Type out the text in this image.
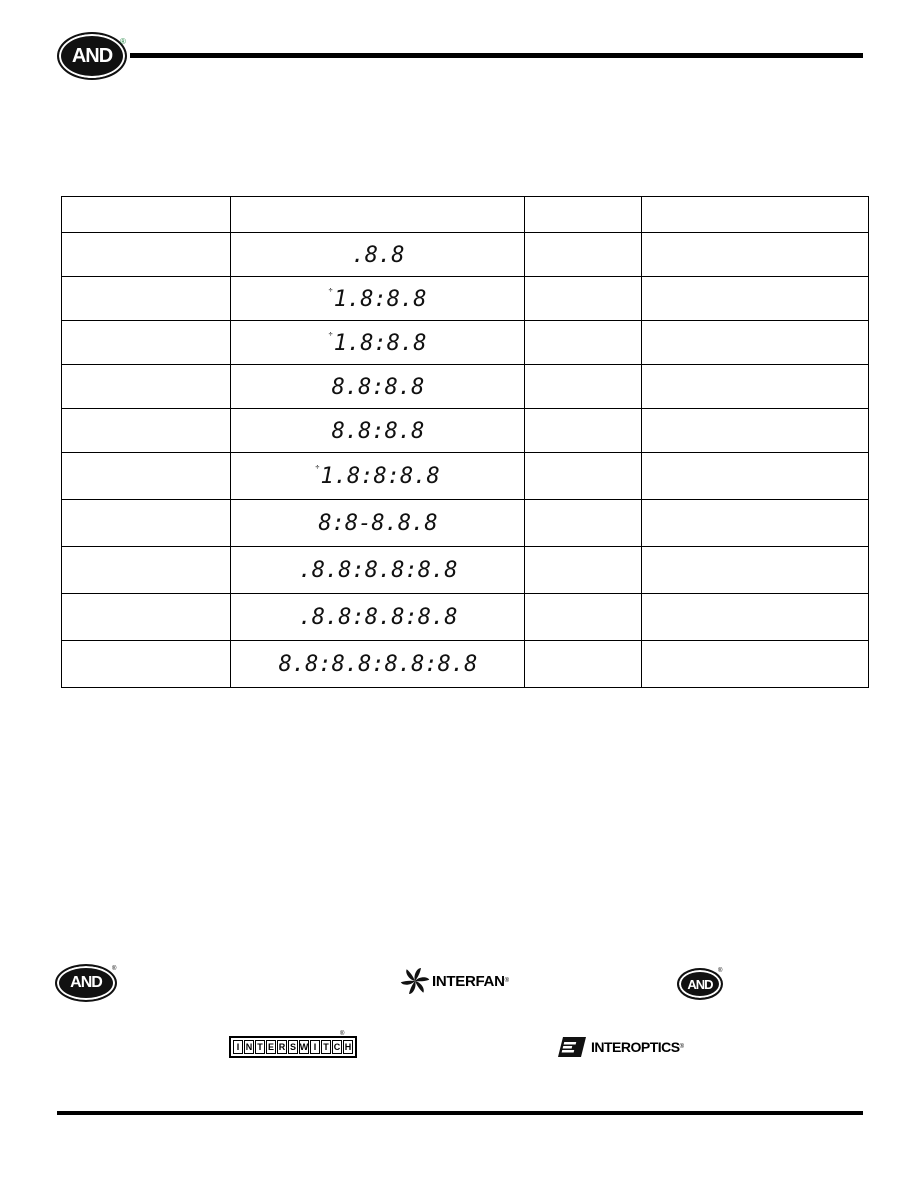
AND
®

	.8.8		
	÷1.8:8.8		
	÷1.8:8.8		
	8.8:8.8		
	8.8:8.8		
	÷1.8:8:8.8		
	8:8-8.8.8		
	.8.8:8.8:8.8		
	.8.8:8.8:8.8		
	8.8:8.8:8.8:8.8		
AND
®
INTERFAN ®	AND
®
I N T E R S W I T C H
®
INTEROPTICS ®
